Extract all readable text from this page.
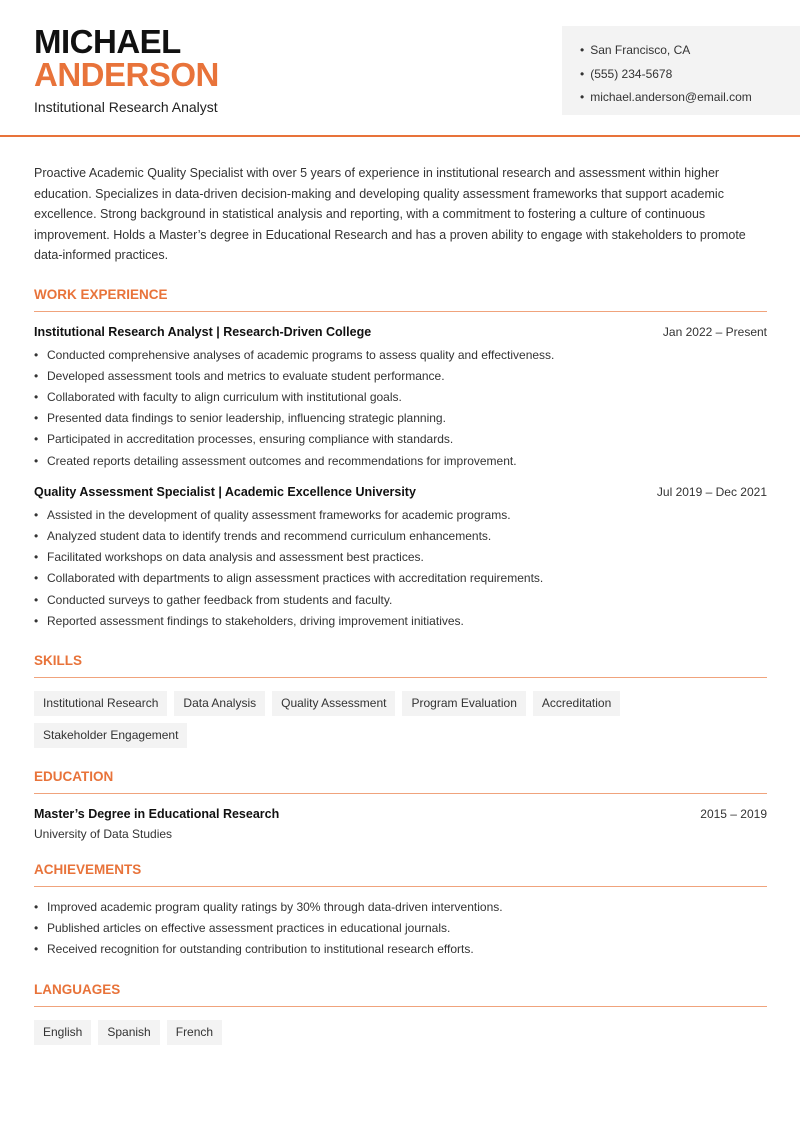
MICHAEL
ANDERSON
Institutional Research Analyst
• San Francisco, CA
• (555) 234-5678
• michael.anderson@email.com

Proactive Academic Quality Specialist with over 5 years of experience in institutional research and assessment within higher education. Specializes in data-driven decision-making and developing quality assessment frameworks that support academic excellence. Strong background in statistical analysis and reporting, with a commitment to fostering a culture of continuous improvement. Holds a Master’s degree in Educational Research and has a proven ability to engage with stakeholders to promote data-informed practices.

WORK EXPERIENCE
Institutional Research Analyst | Research-Driven College	Jan 2022 – Present
• Conducted comprehensive analyses of academic programs to assess quality and effectiveness.
• Developed assessment tools and metrics to evaluate student performance.
• Collaborated with faculty to align curriculum with institutional goals.
• Presented data findings to senior leadership, influencing strategic planning.
• Participated in accreditation processes, ensuring compliance with standards.
• Created reports detailing assessment outcomes and recommendations for improvement.
Quality Assessment Specialist | Academic Excellence University	Jul 2019 – Dec 2021
• Assisted in the development of quality assessment frameworks for academic programs.
• Analyzed student data to identify trends and recommend curriculum enhancements.
• Facilitated workshops on data analysis and assessment best practices.
• Collaborated with departments to align assessment practices with accreditation requirements.
• Conducted surveys to gather feedback from students and faculty.
• Reported assessment findings to stakeholders, driving improvement initiatives.
SKILLS
Institutional Research	Data Analysis	Quality Assessment	Program Evaluation	Accreditation
Stakeholder Engagement
EDUCATION
Master’s Degree in Educational Research	2015 – 2019
University of Data Studies
ACHIEVEMENTS
• Improved academic program quality ratings by 30% through data-driven interventions.
• Published articles on effective assessment practices in educational journals.
• Received recognition for outstanding contribution to institutional research efforts.
LANGUAGES
English	Spanish	French
